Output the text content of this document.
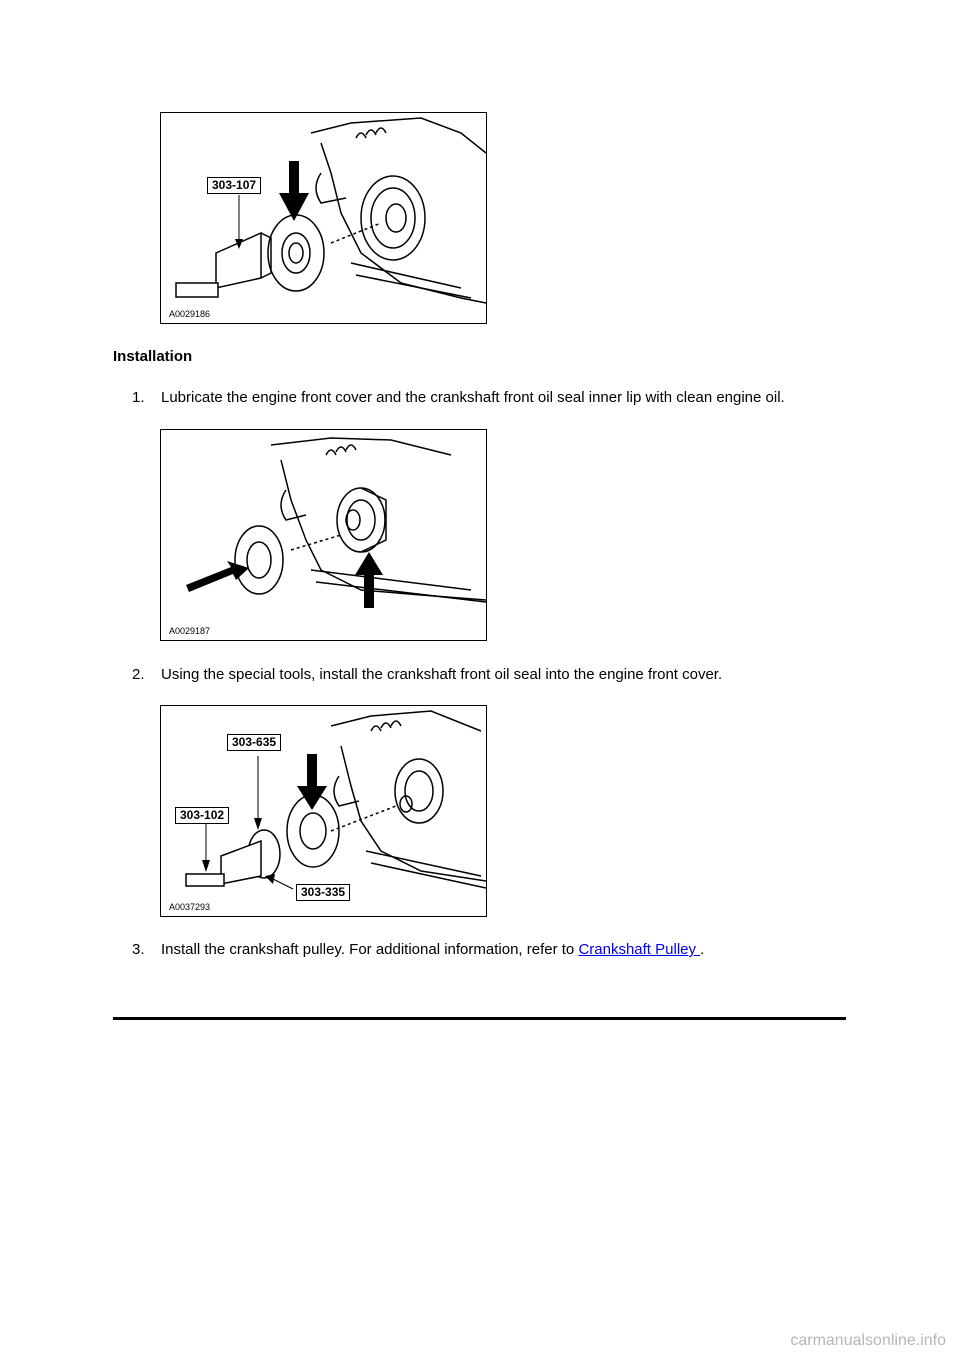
303-107
A0029186
Installation
1. Lubricate the engine front cover and the crankshaft front oil seal inner lip with clean engine oil.
A0029187
2. Using the special tools, install the crankshaft front oil seal into the engine front cover.
303-635
303-102
303-335
A0037293
3. Install the crankshaft pulley. For additional information, refer to Crankshaft Pulley .
carmanualsonline.info
